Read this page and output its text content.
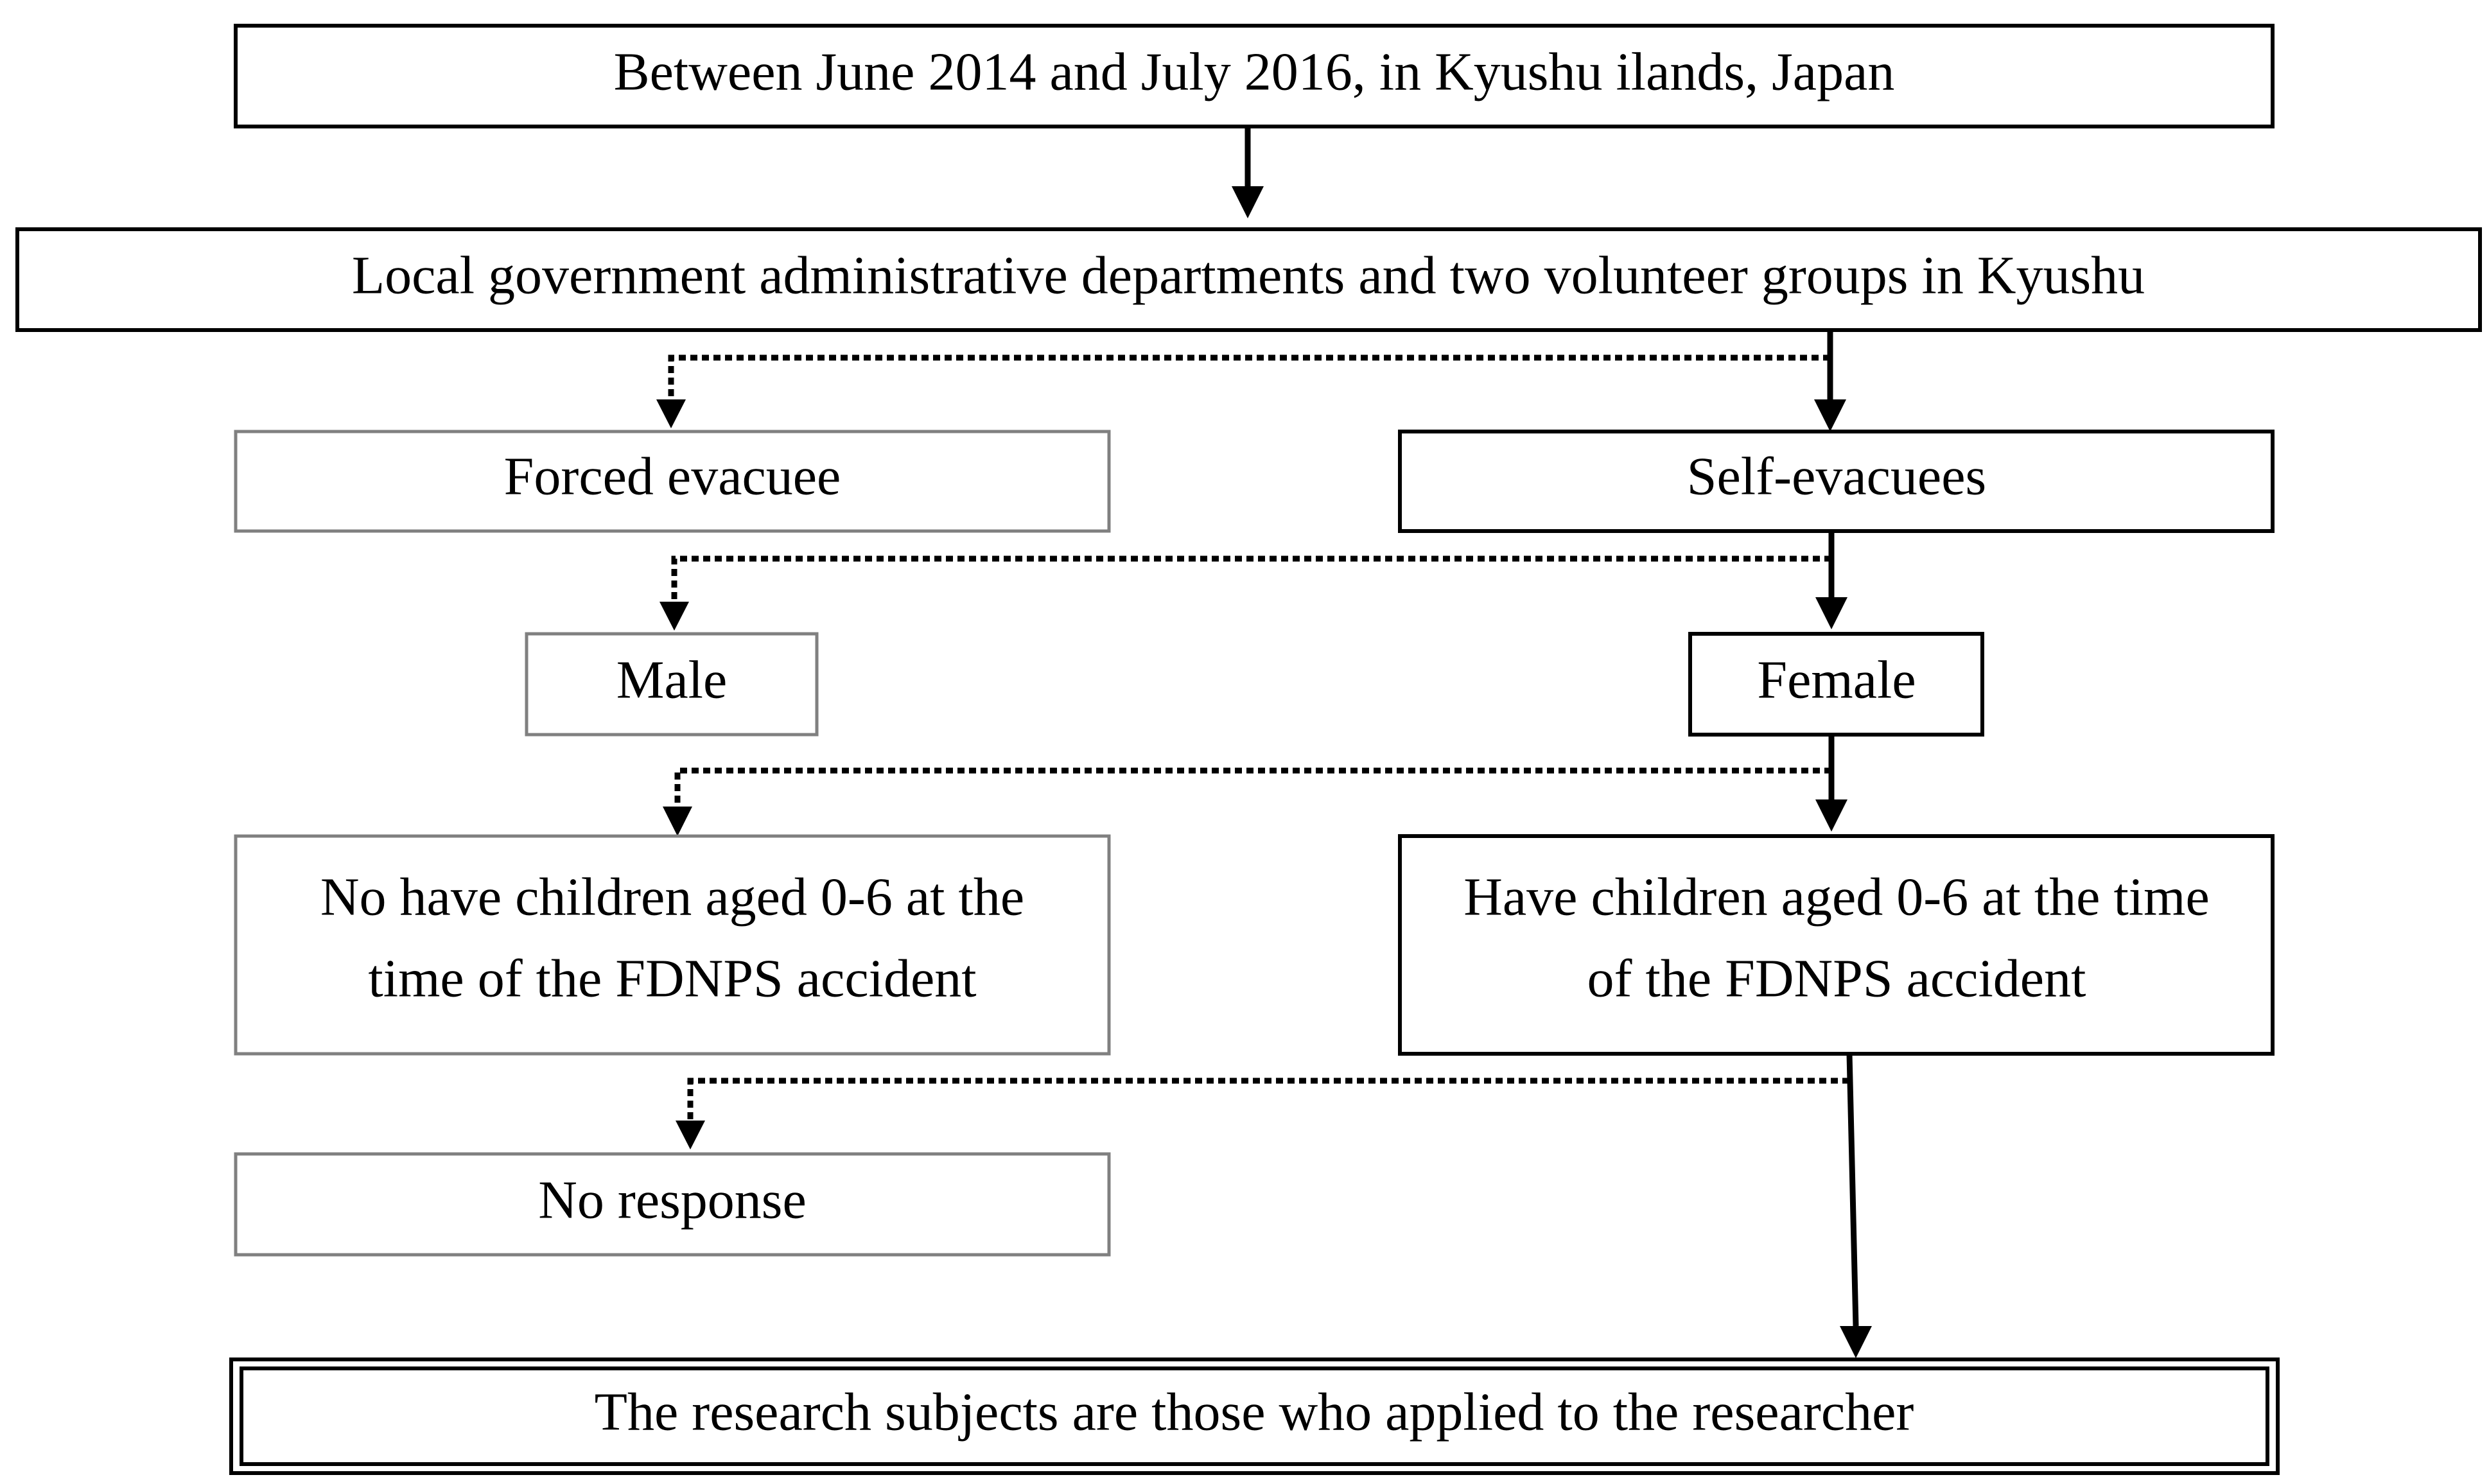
Between June 2014 and July 2016, in Kyushu ilands, Japan
Local government administrative departments and two volunteer groups in Kyushu
Forced evacuee	Self-evacuees
Male	Female
No have children aged 0-6 at the
time of the FDNPS accident
Have children aged 0-6 at the time
of the FDNPS accident
No response
The research subjects are those who applied to the researcher
